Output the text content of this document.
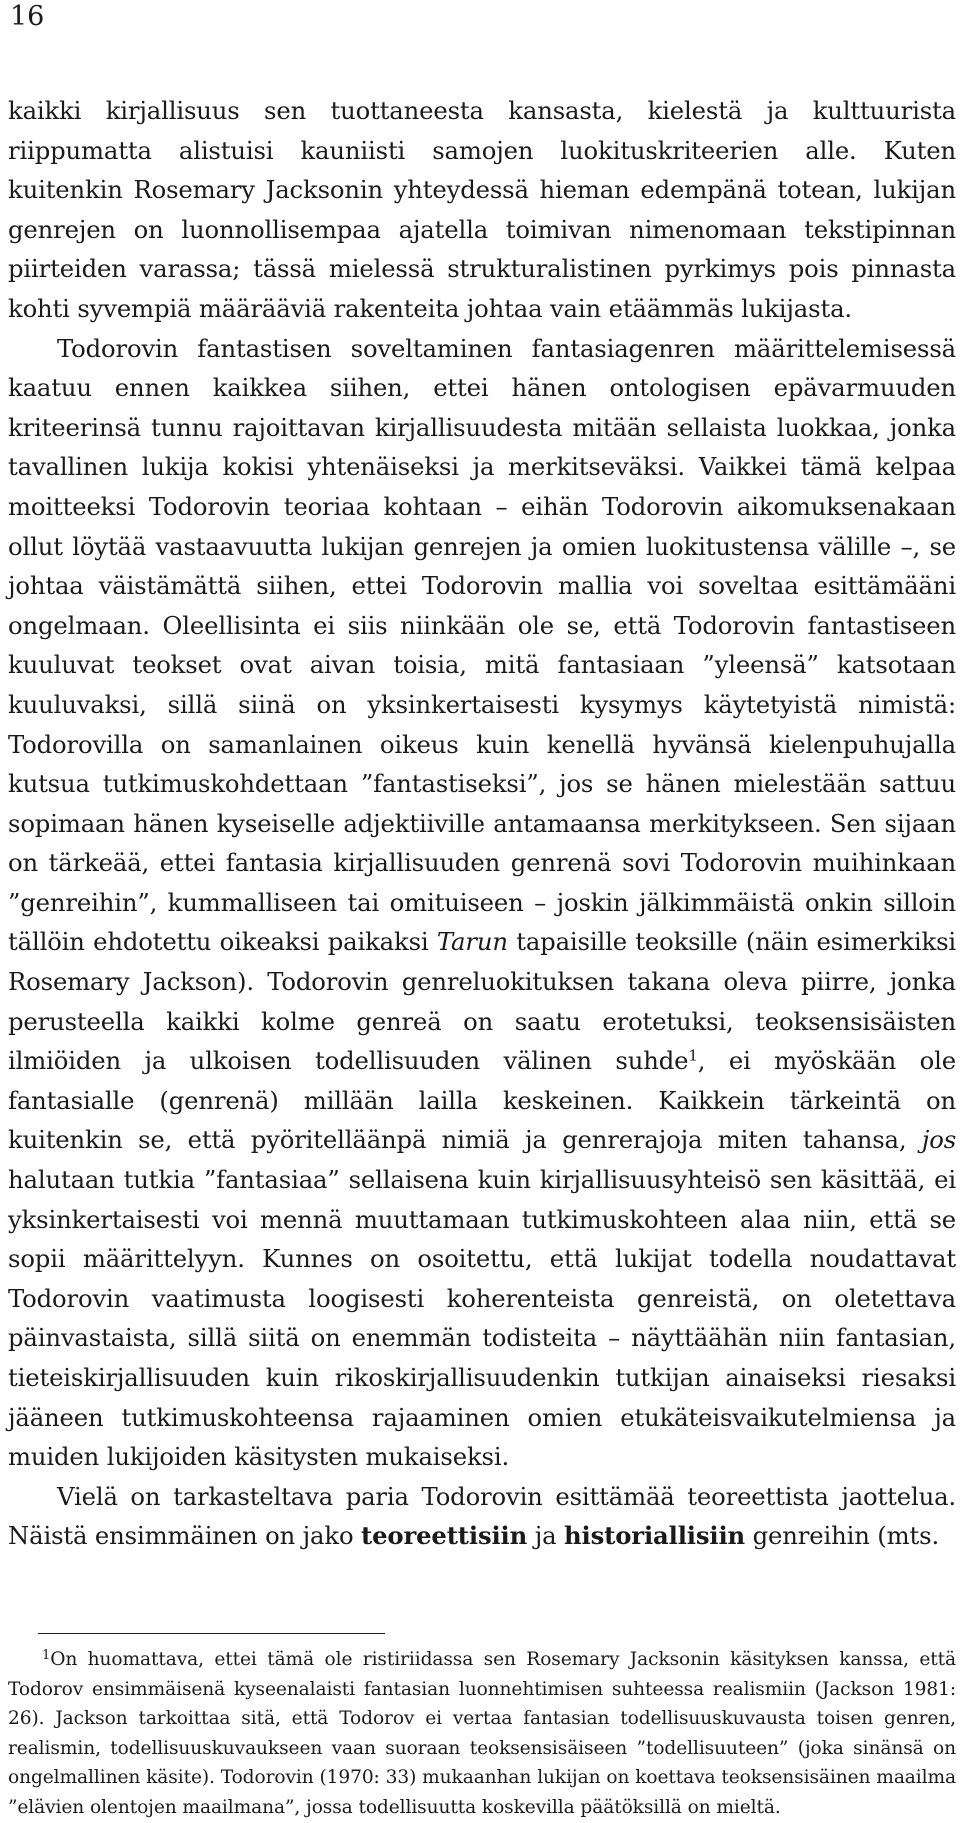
16

kaikki kirjallisuus sen tuottaneesta kansasta, kielestä ja kulttuurista riippumatta alistuisi kauniisti samojen luokituskriteerien alle. Kuten kuitenkin Rosemary Jacksonin yhteydessä hieman edempänä totean, lukijan genrejen on luonnollisempaa ajatella toimivan nimenomaan tekstipinnan piirteiden varassa; tässä mielessä strukturalistinen pyrkimys pois pinnasta kohti syvempiä määrääviä rakenteita johtaa vain etäämmäs lukijasta.

Todorovin fantastisen soveltaminen fantasiagenren määrittelemisessä kaatuu ennen kaikkea siihen, ettei hänen ontologisen epävarmuuden kriteerinsä tunnu rajoittavan kirjallisuudesta mitään sellaista luokkaa, jonka tavallinen lukija kokisi yhtenäiseksi ja merkitseväksi. Vaikkei tämä kelpaa moitteeksi Todorovin teoriaa kohtaan – eihän Todorovin aikomuksenakaan ollut löytää vastaavuutta lukijan genrejen ja omien luokitustensa välille –, se johtaa väistämättä siihen, ettei Todorovin mallia voi soveltaa esittämääni ongelmaan. Oleellisinta ei siis niinkään ole se, että Todorovin fantastiseen kuuluvat teokset ovat aivan toisia, mitä fantasiaan ”yleensä” katsotaan kuuluvaksi, sillä siinä on yksinkertaisesti kysymys käytetyistä nimistä: Todorovilla on samanlainen oikeus kuin kenellä hyvänsä kielenpuhujalla kutsua tutkimuskohdettaan ”fantastiseksi”, jos se hänen mielestään sattuu sopimaan hänen kyseiselle adjektiiville antamaansa merkitykseen. Sen sijaan on tärkeää, ettei fantasia kirjallisuuden genrenä sovi Todorovin muihinkaan ”genreihin”, kummalliseen tai omituiseen – joskin jälkimmäistä onkin silloin tällöin ehdotettu oikeaksi paikaksi Tarun tapaisille teoksille (näin esimerkiksi Rosemary Jackson). Todorovin genreluokituksen takana oleva piirre, jonka perusteella kaikki kolme genreä on saatu erotetuksi, teoksensisäisten ilmiöiden ja ulkoisen todellisuuden välinen suhde$^1$, ei myöskään ole fantasialle (genrenä) millään lailla keskeinen. Kaikkein tärkeintä on kuitenkin se, että pyöritelläänpä nimiä ja genrerajoja miten tahansa, jos halutaan tutkia ”fantasiaa” sellaisena kuin kirjallisuusyhteisö sen käsittää, ei yksinkertaisesti voi mennä muuttamaan tutkimuskohteen alaa niin, että se sopii määrittelyyn. Kunnes on osoitettu, että lukijat todella noudattavat Todorovin vaatimusta loogisesti koherenteista genreistä, on oletettava päinvastaista, sillä siitä on enemmän todisteita – näyttäähän niin fantasian, tieteiskirjallisuuden kuin rikoskirjallisuudenkin tutkijan ainaiseksi riesaksi jääneen tutkimuskohteensa rajaaminen omien etukäteisvaikutelmiensa ja muiden lukijoiden käsitysten mukaiseksi.

Vielä on tarkasteltava paria Todorovin esittämää teoreettista jaottelua. Näistä ensimmäinen on jako teoreettisiin ja historiallisiin genreihin (mts.

$^1$On huomattava, ettei tämä ole ristiriidassa sen Rosemary Jacksonin käsityksen kanssa, että Todorov ensimmäisenä kyseenalaisti fantasian luonnehtimisen suhteessa realismiin (Jackson 1981: 26). Jackson tarkoittaa sitä, että Todorov ei vertaa fantasian todellisuuskuvausta toisen genren, realismin, todellisuuskuvaukseen vaan suoraan teoksensisäiseen ”todellisuuteen” (joka sinänsä on ongelmallinen käsite). Todorovin (1970: 33) mukaanhan lukijan on koettava teoksensisäinen maailma ”elävien olentojen maailmana”, jossa todellisuutta koskevilla päätöksillä on mieltä.
